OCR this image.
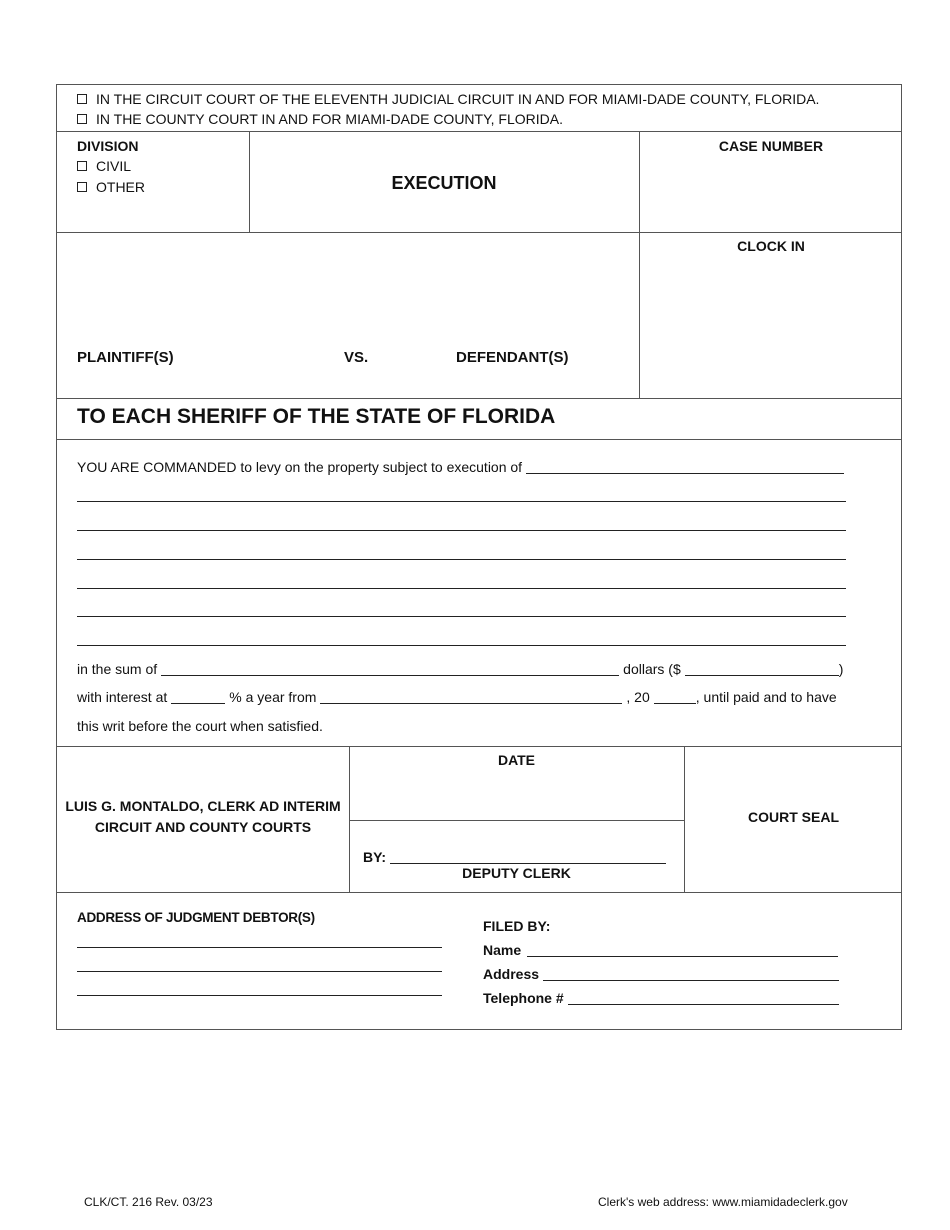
IN THE CIRCUIT COURT OF THE ELEVENTH JUDICIAL CIRCUIT IN AND FOR MIAMI-DADE COUNTY, FLORIDA.
IN THE COUNTY COURT IN AND FOR MIAMI-DADE COUNTY, FLORIDA.
DIVISION
CIVIL
OTHER	EXECUTION
CASE NUMBER
CLOCK IN
PLAINTIFF(S)	VS.	DEFENDANT(S)
TO EACH SHERIFF OF THE STATE OF FLORIDA
YOU ARE COMMANDED to levy on the property subject to execution of
in the sum of	dollars ($	)
with interest at	% a year from	, 20	, until paid and to have
this writ before the court when satisfied.
LUIS G. MONTALDO, CLERK AD INTERIM
CIRCUIT AND COUNTY COURTS
DATE
BY:
DEPUTY CLERK
COURT SEAL
ADDRESS OF JUDGMENT DEBTOR(S)
FILED BY:
Name
Address
Telephone #
CLK/CT. 216 Rev. 03/23	Clerk's web address: www.miamidadeclerk.gov
